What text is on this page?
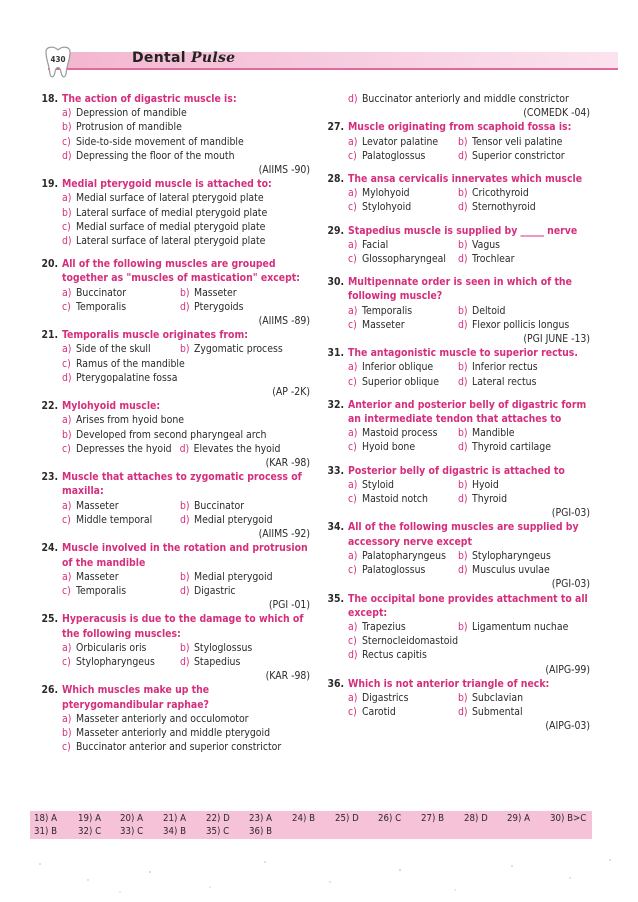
430	Dental Pulse
18. The action of digastric muscle is:
a) Depression of mandible
b) Protrusion of mandible
c) Side-to-side movement of mandible
d) Depressing the floor of the mouth
(AIIMS -90)
19. Medial pterygoid muscle is attached to:
a) Medial surface of lateral pterygoid plate
b) Lateral surface of medial pterygoid plate
c) Medial surface of medial pterygoid plate
d) Lateral surface of lateral pterygoid plate
20. All of the following muscles are grouped together as "muscles of mastication" except:
a) Buccinator	b) Masseter
c) Temporalis	d) Pterygoids
(AIIMS -89)
21. Temporalis muscle originates from:
a) Side of the skull	b) Zygomatic process
c) Ramus of the mandible
d) Pterygopalatine fossa
(AP -2K)
22. Mylohyoid muscle:
a) Arises from hyoid bone
b) Developed from second pharyngeal arch
c) Depresses the hyoid d) Elevates the hyoid
(KAR -98)
23. Muscle that attaches to zygomatic process of maxilla:
a) Masseter	b) Buccinator
c) Middle temporal	d) Medial pterygoid
(AIIMS -92)
24. Muscle involved in the rotation and protrusion of the mandible
a) Masseter	b) Medial pterygoid
c) Temporalis	d) Digastric
(PGI -01)
25. Hyperacusis is due to the damage to which of the following muscles:
a) Orbicularis oris	b) Styloglossus
c) Stylopharyngeus d) Stapedius
(KAR -98)
26. Which muscles make up the pterygomandibular raphae?
a) Masseter anteriorly and occulomotor
b) Masseter anteriorly and middle pterygoid
c) Buccinator anterior and superior constrictor
d) Buccinator anteriorly and middle constrictor
(COMEDK -04)
27. Muscle originating from scaphoid fossa is:
a) Levator palatine b) Tensor veli palatine
c) Palatoglossus	d) Superior constrictor
28. The ansa cervicalis innervates which muscle
a) Mylohyoid	b) Cricothyroid
c) Stylohyoid	d) Sternothyroid
29. Stapedius muscle is supplied by _____ nerve
a) Facial	b) Vagus
c) Glossopharyngeal d) Trochlear
30. Multipennate order is seen in which of the following muscle?
a) Temporalis	b) Deltoid
c) Masseter	d) Flexor pollicis longus
(PGI JUNE -13)
31. The antagonistic muscle to superior rectus.
a) Inferior oblique b) Inferior rectus
c) Superior oblique d) Lateral rectus
32. Anterior and posterior belly of digastric form an intermediate tendon that attaches to
a) Mastoid process b) Mandible
c) Hyoid bone	d) Thyroid cartilage
33. Posterior belly of digastric is attached to
a) Styloid	b) Hyoid
c) Mastoid notch	d) Thyroid
(PGI-03)
34. All of the following muscles are supplied by accessory nerve except
a) Palatopharyngeus b) Stylopharyngeus
c) Palatoglossus	d) Musculus uvulae
(PGI-03)
35. The occipital bone provides attachment to all except:
a) Trapezius	b) Ligamentum nuchae
c) Sternocleidomastoid
d) Rectus capitis
(AIPG-99)
36. Which is not anterior triangle of neck:
a) Digastrics	b) Subclavian
c) Carotid	d) Submental
(AIPG-03)
18) A	19) A	20) A	21) A	22) D	23) A	24) B	25) D	26) C	27) B	28) D	29) A	30) B>C
31) B	32) C	33) C	34) B	35) C	36) B
